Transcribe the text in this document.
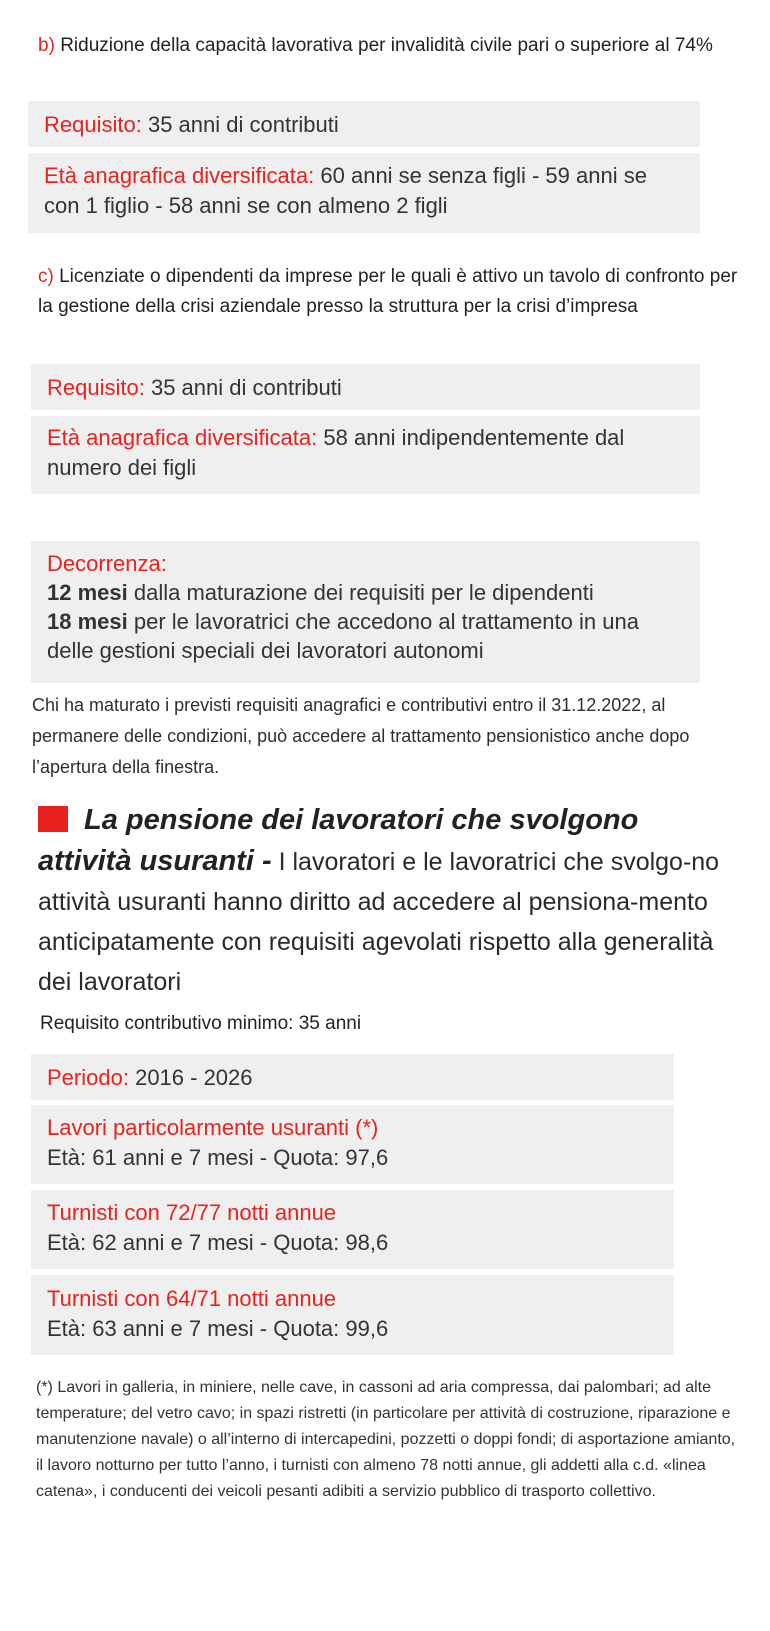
b) Riduzione della capacità lavorativa per invalidità civile pari o superiore al 74%
Requisito: 35 anni di contributi
Età anagrafica diversificata: 60 anni se senza figli - 59 anni se con 1 figlio - 58 anni se con almeno 2 figli
c) Licenziate o dipendenti da imprese per le quali è attivo un tavolo di confronto per la gestione della crisi aziendale presso la struttura per la crisi d’impresa
Requisito: 35 anni di contributi
Età anagrafica diversificata: 58 anni indipendentemente dal numero dei figli
Decorrenza:
12 mesi dalla maturazione dei requisiti per le dipendenti
18 mesi per le lavoratrici che accedono al trattamento in una delle gestioni speciali dei lavoratori autonomi
Chi ha maturato i previsti requisiti anagrafici e contributivi entro il 31.12.2022, al permanere delle condizioni, può accedere al trattamento pensionistico anche dopo l’apertura della finestra.
La pensione dei lavoratori che svolgono attività usuranti - I lavoratori e le lavoratrici che svolgo-no attività usuranti hanno diritto ad accedere al pensiona-mento anticipatamente con requisiti agevolati rispetto alla generalità dei lavoratori
Requisito contributivo minimo: 35 anni
Periodo: 2016 - 2026
Lavori particolarmente usuranti (*)
Età: 61 anni e 7 mesi - Quota: 97,6
Turnisti con 72/77 notti annue
Età: 62 anni e 7 mesi - Quota: 98,6
Turnisti con 64/71 notti annue
Età: 63 anni e 7 mesi - Quota: 99,6
(*) Lavori in galleria, in miniere, nelle cave, in cassoni ad aria compressa, dai palombari; ad alte temperature; del vetro cavo; in spazi ristretti (in particolare per attività di costruzione, riparazione e manutenzione navale) o all’interno di intercapedini, pozzetti o doppi fondi; di asportazione amianto, il lavoro notturno per tutto l’anno, i turnisti con almeno 78 notti annue, gli addetti alla c.d. «linea catena», i conducenti dei veicoli pesanti adibiti a servizio pubblico di trasporto collettivo.
